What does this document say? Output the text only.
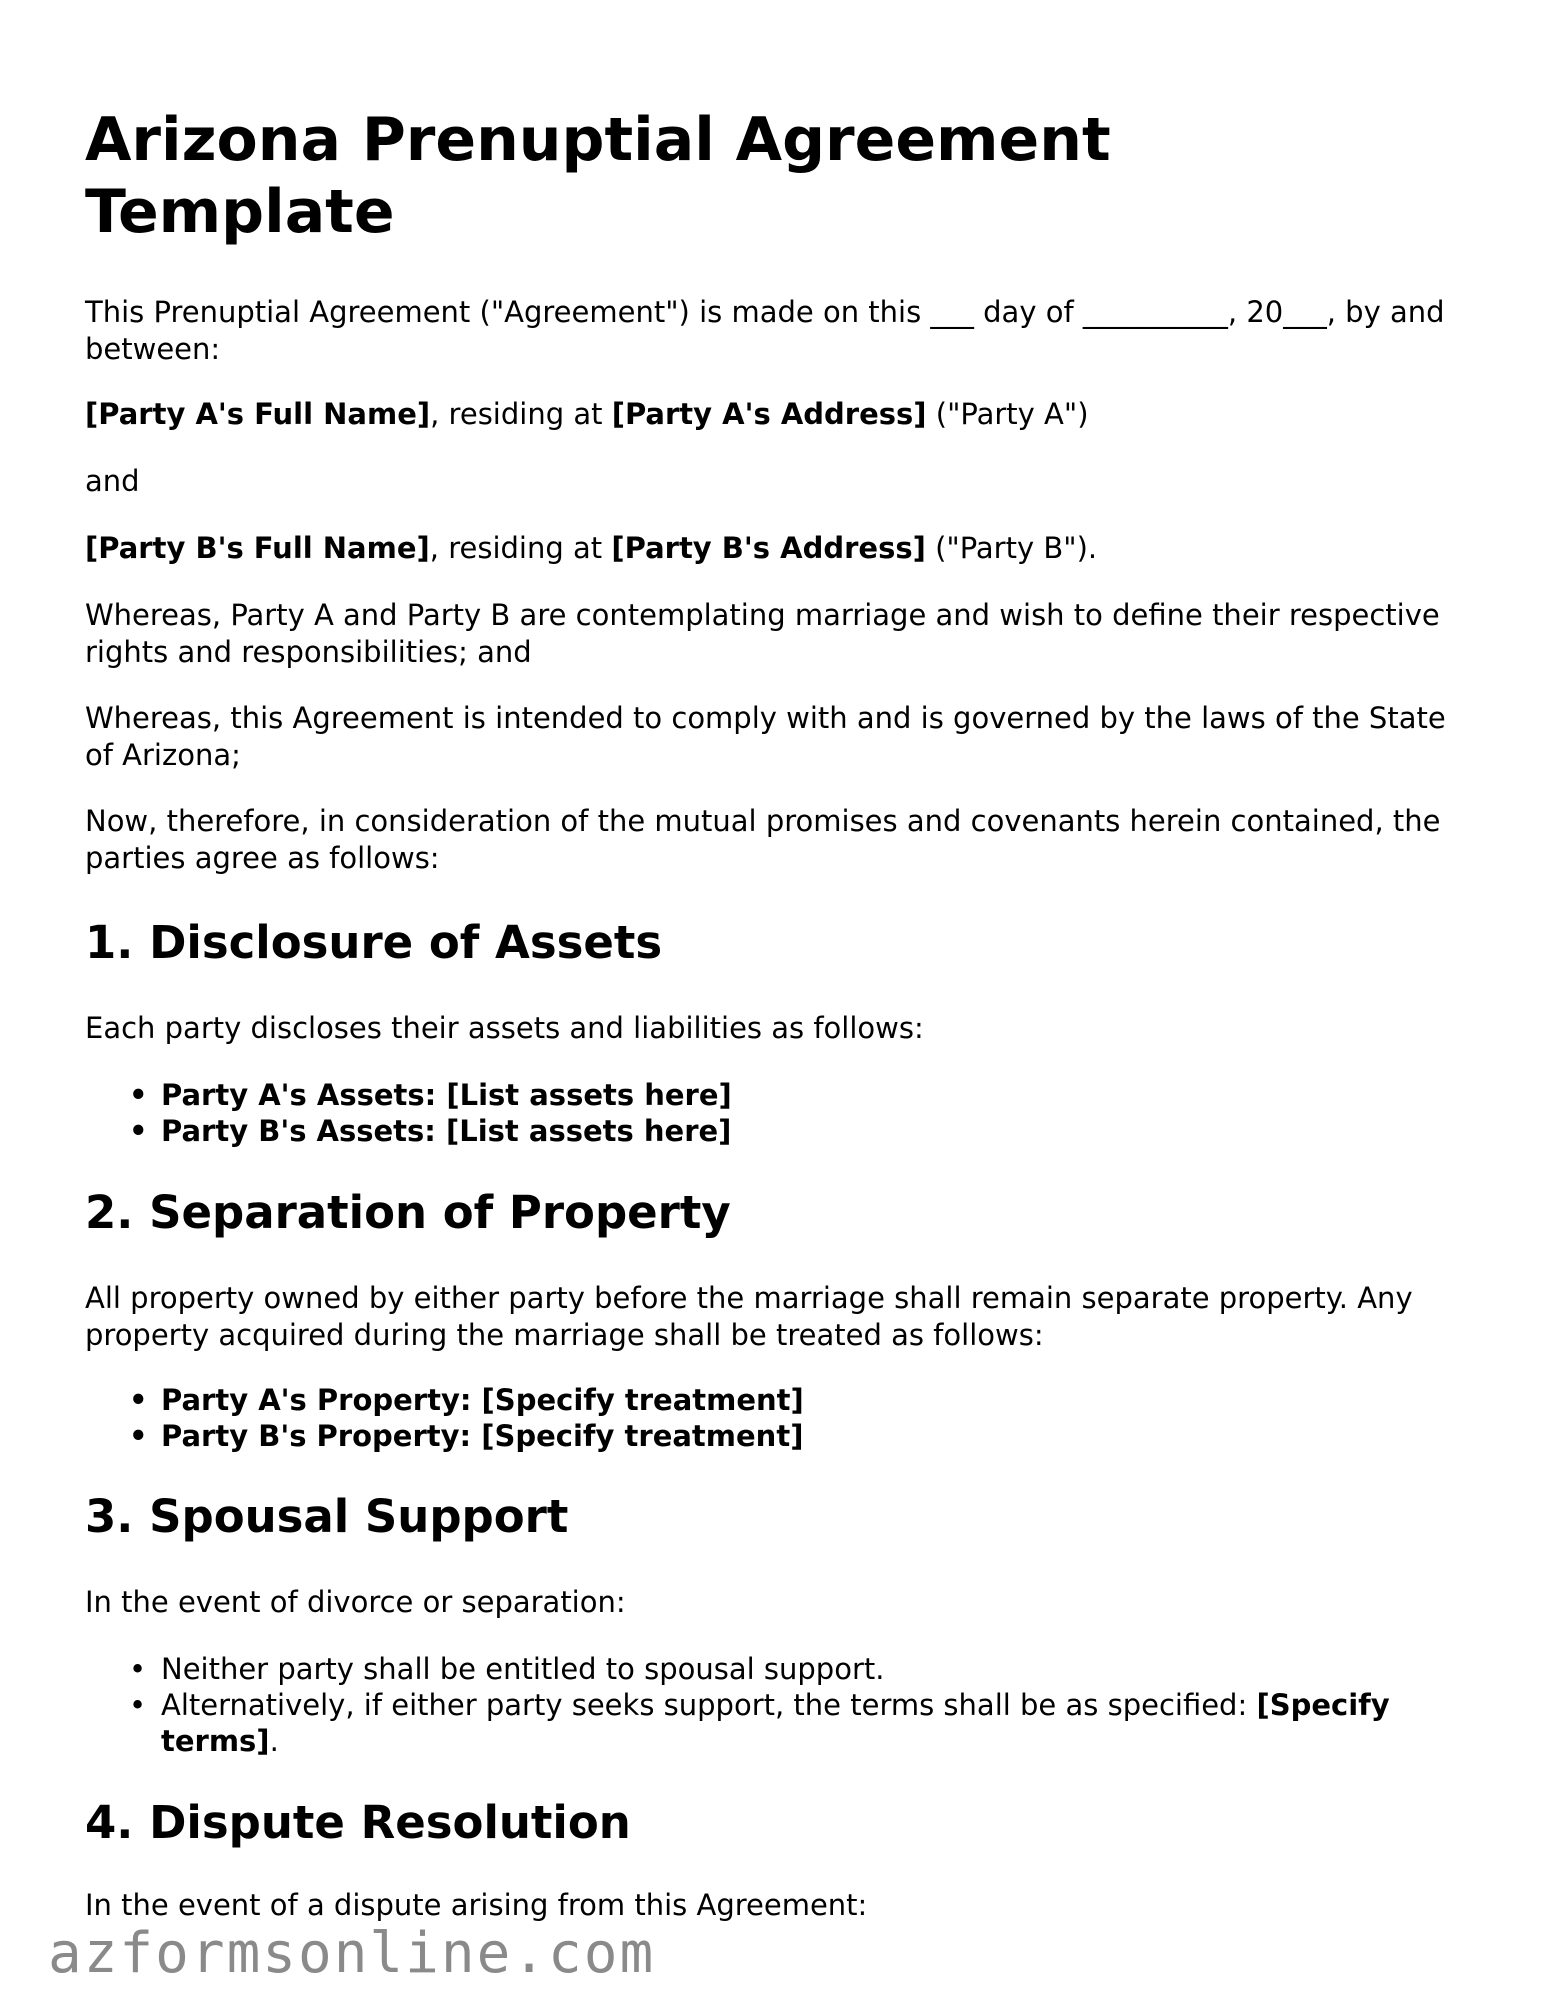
Arizona Prenuptial Agreement Template

This Prenuptial Agreement ("Agreement") is made on this ___ day of __________, 20___, by and between:

[Party A's Full Name], residing at [Party A's Address] ("Party A")

and

[Party B's Full Name], residing at [Party B's Address] ("Party B").

Whereas, Party A and Party B are contemplating marriage and wish to define their respective rights and responsibilities; and

Whereas, this Agreement is intended to comply with and is governed by the laws of the State of Arizona;

Now, therefore, in consideration of the mutual promises and covenants herein contained, the parties agree as follows:

1. Disclosure of Assets

Each party discloses their assets and liabilities as follows:

• Party A's Assets: [List assets here]
• Party B's Assets: [List assets here]
2. Separation of Property

All property owned by either party before the marriage shall remain separate property. Any property acquired during the marriage shall be treated as follows:

• Party A's Property: [Specify treatment]
• Party B's Property: [Specify treatment]
3. Spousal Support

In the event of divorce or separation:

• Neither party shall be entitled to spousal support.
• Alternatively, if either party seeks support, the terms shall be as specified: [Specify terms].
4. Dispute Resolution

In the event of a dispute arising from this Agreement:

azformsonline.com
